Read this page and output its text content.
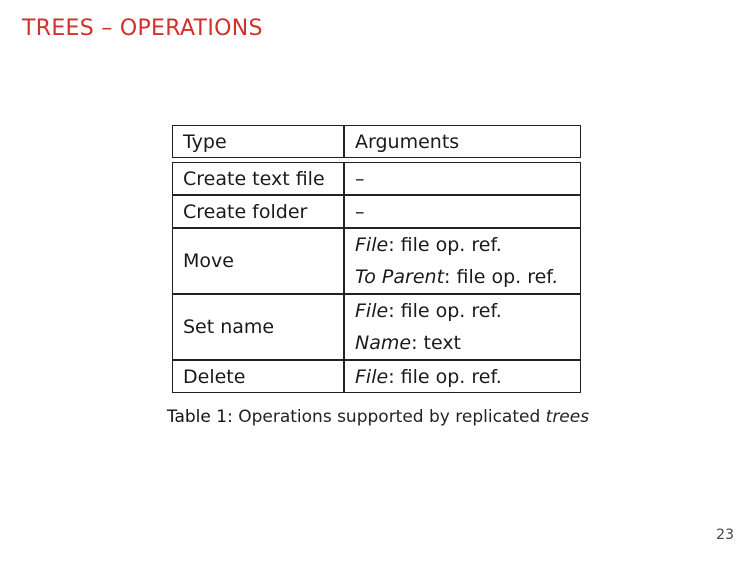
TREES – OPERATIONS
Type	Arguments

Create text file	–
Create folder	–
Move	File: file op. ref.
To Parent: file op. ref.

Set name	File: file op. ref.
Name: text

Delete	File: file op. ref.
Table 1: Operations supported by replicated trees
23
